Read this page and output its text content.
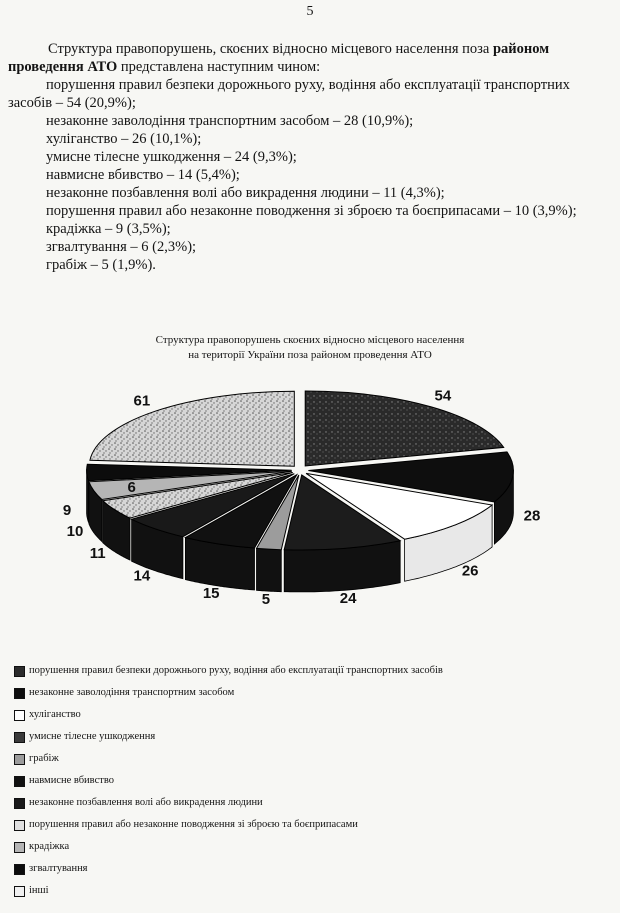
5

Структура правопорушень, скоєних відносно місцевого населення поза районом проведення АТО представлена наступним чином:

порушення правил безпеки дорожнього руху, водіння або експлуатації транспортних засобів – 54 (20,9%);
незаконне заволодіння транспортним засобом – 28 (10,9%);
хуліганство – 26 (10,1%);
умисне тілесне ушкодження – 24 (9,3%);
навмисне вбивство – 14 (5,4%);
незаконне позбавлення волі або викрадення людини – 11 (4,3%);
порушення правил або незаконне поводження зі зброєю та боєприпасами – 10 (3,9%);
крадіжка – 9 (3,5%);
згвалтування – 6 (2,3%);
грабіж – 5 (1,9%).
Структура правопорушень скоєних відносно місцевого населення
на території України поза районом проведення АТО
54
28
26
24
5
15
14
11
10
9
61
6
порушення правил безпеки дорожнього руху, водіння або експлуатації транспортних засобів
незаконне заволодіння транспортним засобом
хуліганство
умисне тілесне ушкодження
грабіж
навмисне вбивство
незаконне позбавлення волі або викрадення людини
порушення правил або незаконне поводження зі зброєю та боєприпасами
крадіжка
згвалтування
інші
